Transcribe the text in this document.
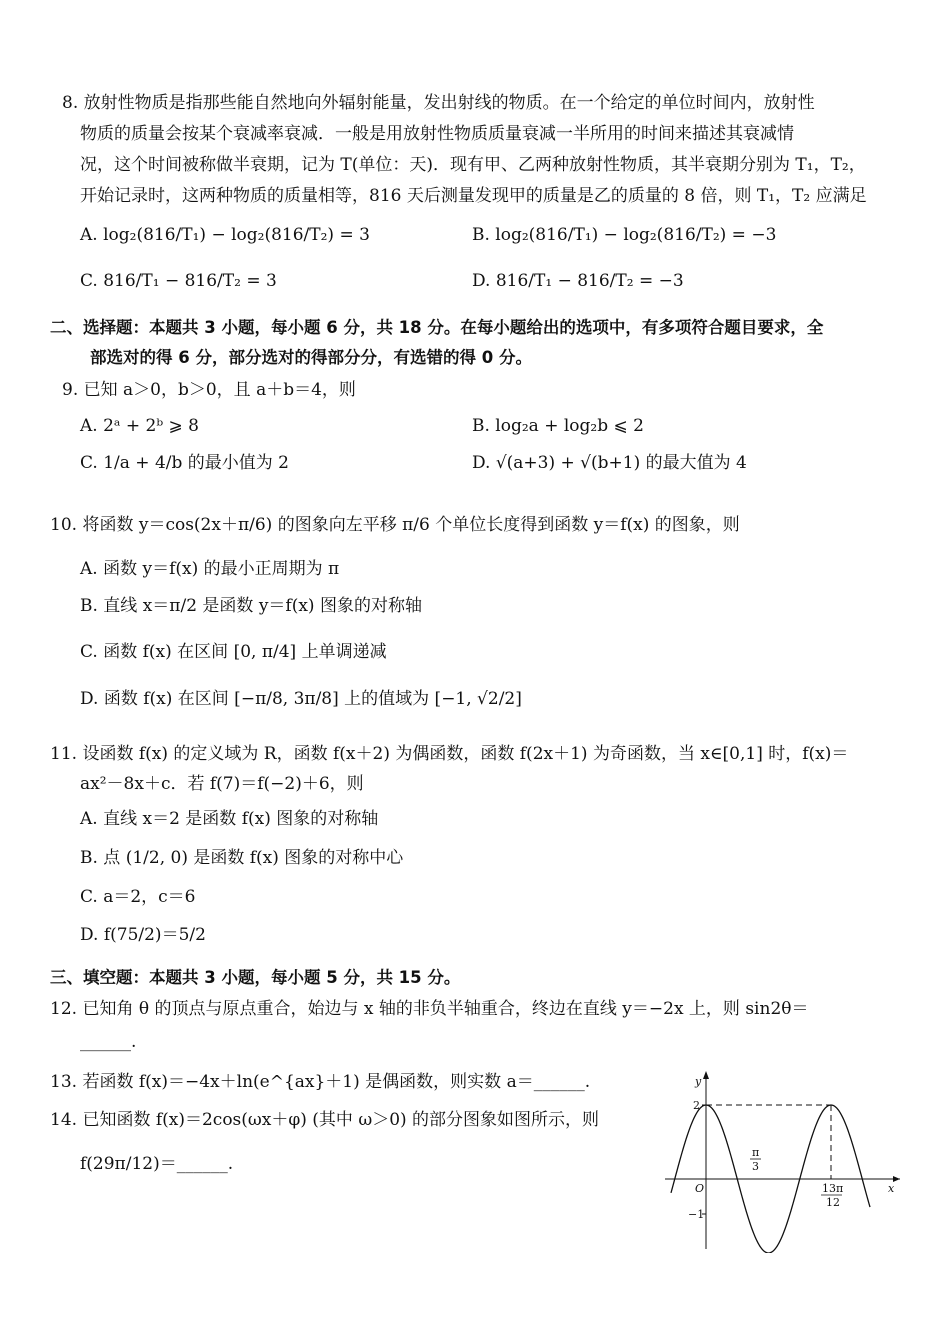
8. 放射性物质是指那些能自然地向外辐射能量，发出射线的物质。在一个给定的单位时间内，放射性
物质的质量会按某个衰减率衰减．一般是用放射性物质质量衰减一半所用的时间来描述其衰减情
况，这个时间被称做半衰期，记为 T(单位：天)．现有甲、乙两种放射性物质，其半衰期分别为 T₁，T₂，
开始记录时，这两种物质的质量相等，816 天后测量发现甲的质量是乙的质量的 8 倍，则 T₁，T₂ 应满足
A. log₂(816/T₁) − log₂(816/T₂) = 3	B. log₂(816/T₁) − log₂(816/T₂) = −3
C. 816/T₁ − 816/T₂ = 3	D. 816/T₁ − 816/T₂ = −3
二、选择题：本题共 3 小题，每小题 6 分，共 18 分。在每小题给出的选项中，有多项符合题目要求，全
部选对的得 6 分，部分选对的得部分分，有选错的得 0 分。
9. 已知 a＞0，b＞0，且 a＋b＝4，则
A. 2ᵃ + 2ᵇ ⩾ 8	B. log₂a + log₂b ⩽ 2
C. 1/a + 4/b 的最小值为 2	D. √(a+3) + √(b+1) 的最大值为 4
10. 将函数 y＝cos(2x＋π/6) 的图象向左平移 π/6 个单位长度得到函数 y＝f(x) 的图象，则
A. 函数 y＝f(x) 的最小正周期为 π
B. 直线 x＝π/2 是函数 y＝f(x) 图象的对称轴
C. 函数 f(x) 在区间 [0, π/4] 上单调递减
D. 函数 f(x) 在区间 [−π/8, 3π/8] 上的值域为 [−1, √2/2]
11. 设函数 f(x) 的定义域为 R，函数 f(x＋2) 为偶函数，函数 f(2x＋1) 为奇函数，当 x∈[0,1] 时，f(x)＝
ax²－8x＋c．若 f(7)＝f(−2)＋6，则
A. 直线 x＝2 是函数 f(x) 图象的对称轴
B. 点 (1/2, 0) 是函数 f(x) 图象的对称中心
C. a＝2，c＝6
D. f(75/2)＝5/2
三、填空题：本题共 3 小题，每小题 5 分，共 15 分。
12. 已知角 θ 的顶点与原点重合，始边与 x 轴的非负半轴重合，终边在直线 y＝−2x 上，则 sin2θ＝
______.
13. 若函数 f(x)＝−4x＋ln(e^{ax}＋1) 是偶函数，则实数 a＝______.
14. 已知函数 f(x)＝2cos(ωx＋φ) (其中 ω＞0) 的部分图象如图所示，则
f(29π/12)＝______.
y
x
O
2
−1
π
3
13π
12
